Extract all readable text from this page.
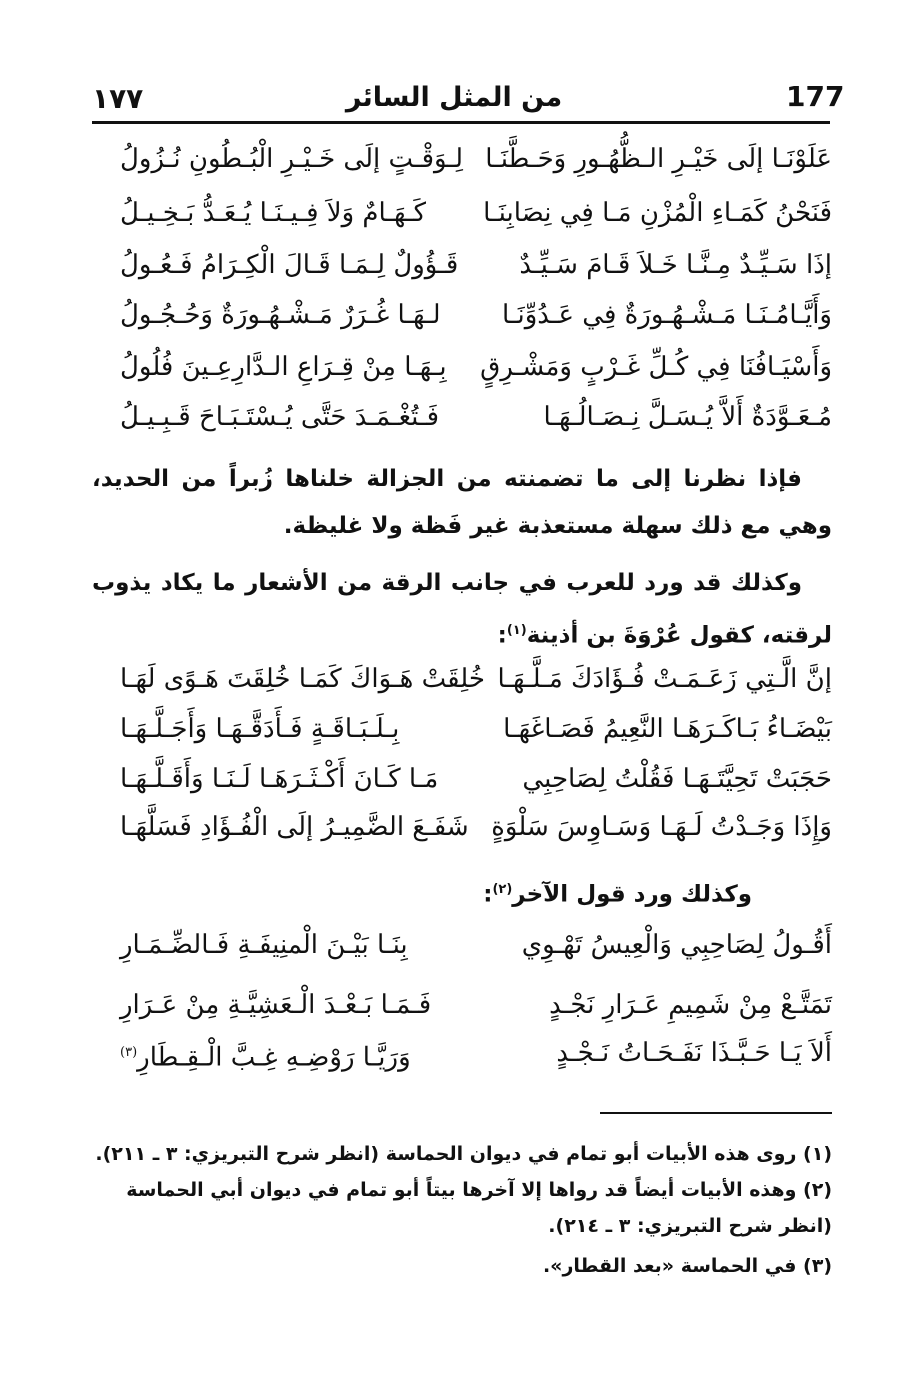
من المثل السائر
١٧٧	177
عَلَوْنَـا إلَى خَيْـرِ الـظُّهُـورِ وَحَـطَّنَـا
لِـوَقْـتٍ إلَى خَـيْـرِ الْبُـطُونِ نُـزُولُ
فَنَحْنُ كَمَـاءِ الْمُزْنِ مَـا فِي نِصَابِنَـا
كَـهَـامٌ وَلاَ فِـيـنَـا يُـعَـدُّ بَـخِـيـلُ
إذَا سَـيِّـدٌ مِـنَّـا خَـلاَ قَـامَ سَـيِّـدٌ
قَـؤُولٌ لِـمَـا قَـالَ الْكِـرَامُ فَـعُـولُ
وَأَيَّـامُـنَـا مَـشْـهُـورَةٌ فِي عَـدُوِّنَـا
لـهَـا غُـرَرٌ مَـشْـهُـورَةٌ وَحُـجُـولُ
وَأَسْيَـافُنَا فِي كُـلِّ غَـرْبٍ وَمَشْـرِقٍ
بِـهَـا مِنْ قِـرَاعِ الـدَّارِعِـينَ فُلُولُ
مُـعَـوَّدَةٌ أَلاَّ يُـسَـلَّ نِـصَـالُـهَـا
فَـتُغْـمَـدَ حَتَّى يُـسْتَـبَـاحَ قَـبِـيـلُ
فإذا نظرنا إلى ما تضمنته من الجزالة خلناها زُبراً من الحديد، وهي مع ذلك سهلة مستعذبة غير فَظة ولا غليظة.
وكذلك قد ورد للعرب في جانب الرقة من الأشعار ما يكاد يذوب لرقته، كقول عُرْوَةَ بن أذينة$^{(١)}$:
إنَّ الَّـتِي زَعَـمَـتْ فُـؤَادَكَ مَـلَّـهَـا
خُلِقَتْ هَـوَاكَ كَمَـا خُلِقَتَ هَـوًى لَهَـا
بَيْضَـاءُ بَـاكَـرَهَـا النَّعِيمُ فَصَـاغَهَـا
بِـلَـبَـاقَـةٍ فَـأَدَقَّـهَـا وَأَجَـلَّـهَـا
حَجَبَتْ تَحِيَّتَـهَـا فَقُلْتُ لِصَاحِبِي
مَـا كَـانَ أَكْـثَـرَهَـا لَـنَـا وَأَقَـلَّـهَـا
وَإِذَا وَجَـدْتُ لَـهَـا وَسَـاوِسَ سَلْوَةٍ
شَفَـعَ الضَّمِيـرُ إلَى الْفُـؤَادِ فَسَلَّهَـا
وكذلك ورد قول الآخر$^{(٢)}$:
أَقُـولُ لِصَاحِبِي وَالْعِيسُ تَهْـوِي
بِنَـا بَيْـنَ الْمنِيفَـةِ فَـالضِّـمَـارِ
تَمَتَّـعْ مِنْ شَمِيمِ عَـرَارِ نَجْـدٍ
فَـمَـا بَـعْـدَ الْـعَشِيَّـةِ مِنْ عَـرَارِ
أَلاَ يَـا حَـبَّـذَا نَفَـحَـاتُ نَـجْـدٍ
وَرَيَّـا رَوْضِـهِ غِـبَّ الْـقِـطَارِ$^{(٣)}$
(١) روى هذه الأبيات أبو تمام في ديوان الحماسة (انظر شرح التبريزي: ٣ ـ ٢١١).
(٢) وهذه الأبيات أيضاً قد رواها إلا آخرها بيتاً أبو تمام في ديوان أبي الحماسة (انظر شرح التبريزي: ٣ ـ ٢١٤).
(٣) في الحماسة «بعد القطار».
